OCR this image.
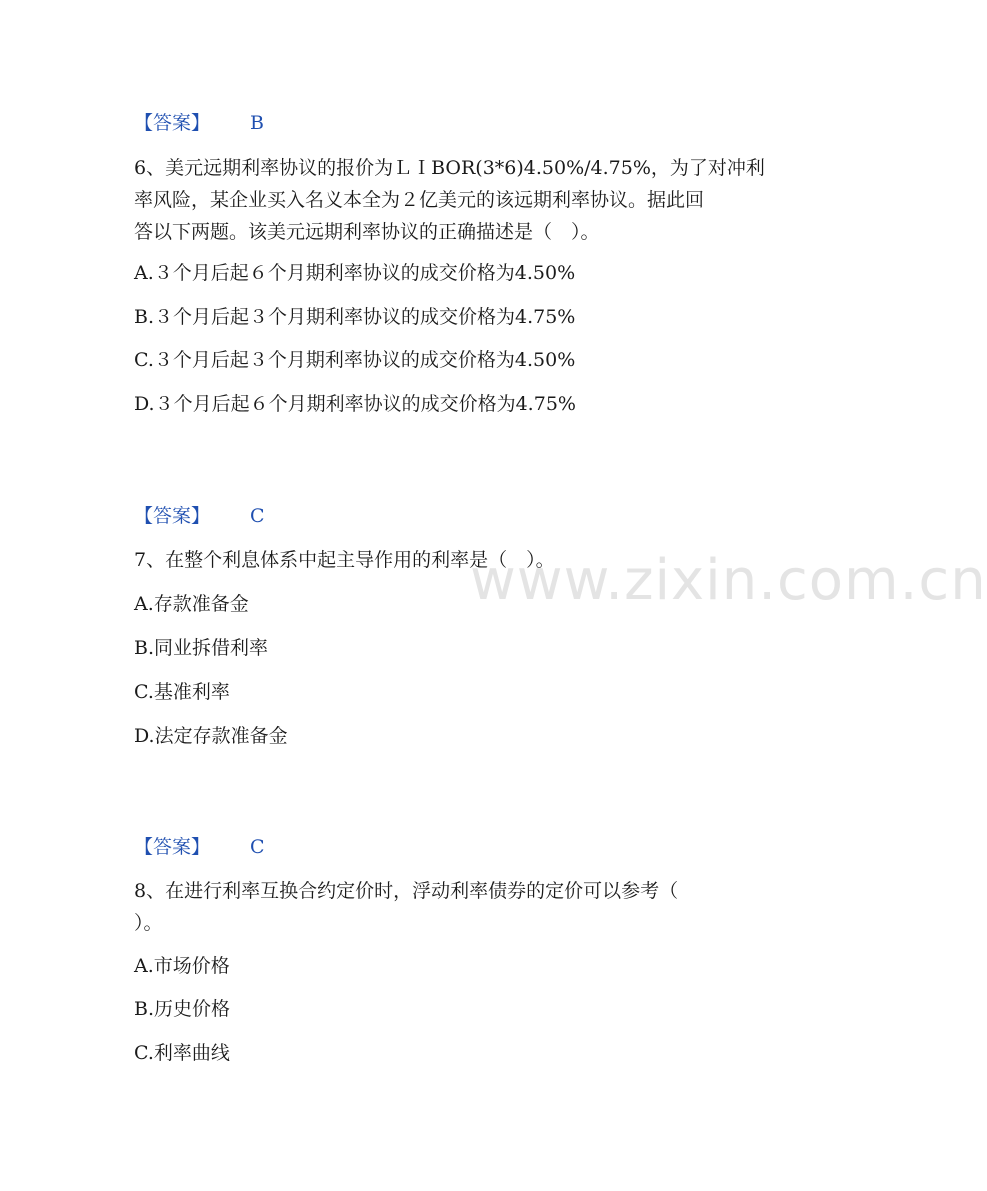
www.zixin.com.cn
【答案】 B
6、美元远期利率协议的报价为ＬＩBOR(3*6)4.50%/4.75%，为了对冲利
率风险，某企业买入名义本全为２亿美元的该远期利率协议。据此回
答以下两题。该美元远期利率协议的正确描述是（　）。
A.３个月后起６个月期利率协议的成交价格为4.50%
B.３个月后起３个月期利率协议的成交价格为4.75%
C.３个月后起３个月期利率协议的成交价格为4.50%
D.３个月后起６个月期利率协议的成交价格为4.75%
【答案】 C
7、在整个利息体系中起主导作用的利率是（　）。
A.存款准备金
B.同业拆借利率
C.基准利率
D.法定存款准备金
【答案】 C
8、在进行利率互换合约定价时，浮动利率债券的定价可以参考（
）。
A.市场价格
B.历史价格
C.利率曲线
